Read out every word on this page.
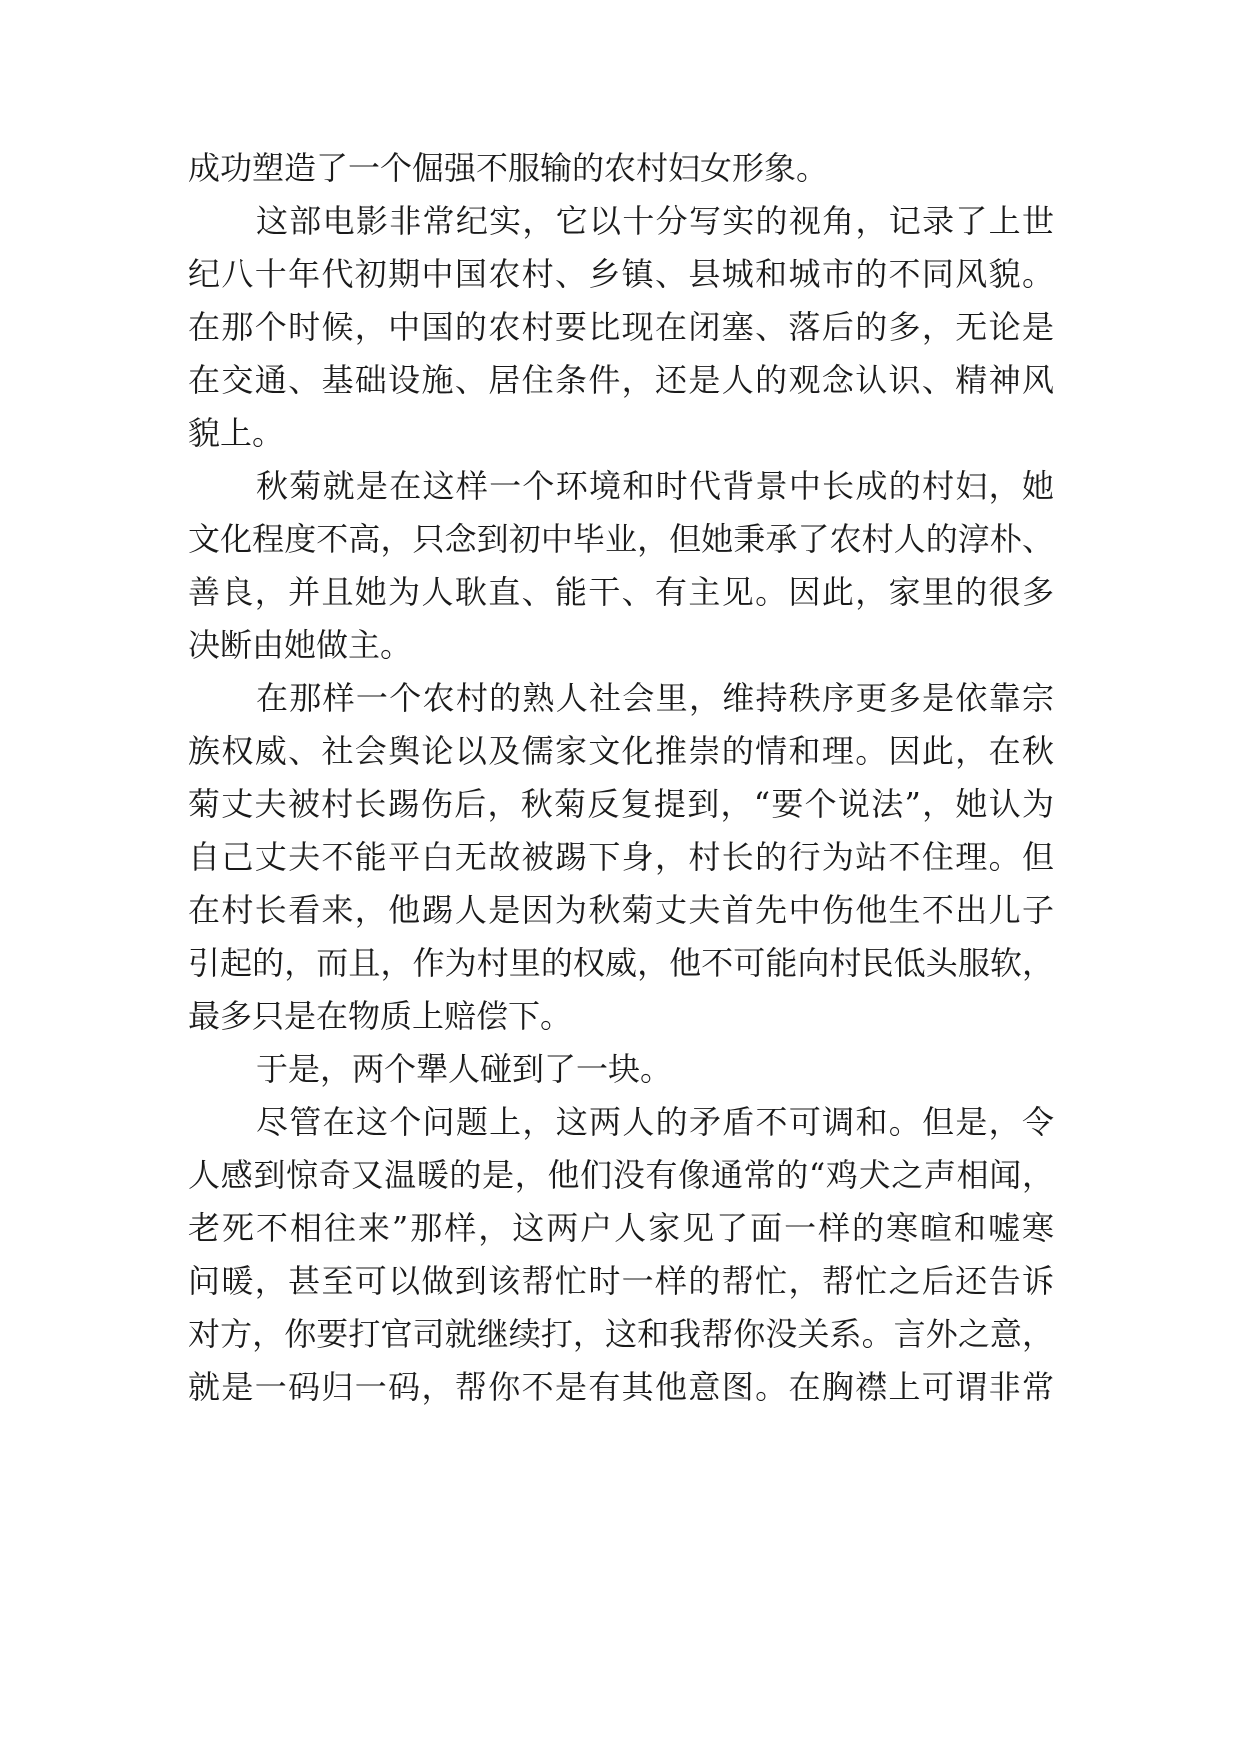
成功塑造了一个倔强不服输的农村妇女形象。
这部电影非常纪实，它以十分写实的视角，记录了上世
纪八十年代初期中国农村、乡镇、县城和城市的不同风貌。
在那个时候，中国的农村要比现在闭塞、落后的多，无论是
在交通、基础设施、居住条件，还是人的观念认识、精神风
貌上。
秋菊就是在这样一个环境和时代背景中长成的村妇，她
文化程度不高，只念到初中毕业，但她秉承了农村人的淳朴、
善良，并且她为人耿直、能干、有主见。因此，家里的很多
决断由她做主。
在那样一个农村的熟人社会里，维持秩序更多是依靠宗
族权威、社会舆论以及儒家文化推崇的情和理。因此，在秋
菊丈夫被村长踢伤后，秋菊反复提到，“要个说法”，她认为
自己丈夫不能平白无故被踢下身，村长的行为站不住理。但
在村长看来，他踢人是因为秋菊丈夫首先中伤他生不出儿子
引起的，而且，作为村里的权威，他不可能向村民低头服软，
最多只是在物质上赔偿下。
于是，两个犟人碰到了一块。
尽管在这个问题上，这两人的矛盾不可调和。但是，令
人感到惊奇又温暖的是，他们没有像通常的“鸡犬之声相闻，
老死不相往来”那样，这两户人家见了面一样的寒暄和嘘寒
问暖，甚至可以做到该帮忙时一样的帮忙，帮忙之后还告诉
对方，你要打官司就继续打，这和我帮你没关系。言外之意，
就是一码归一码，帮你不是有其他意图。在胸襟上可谓非常
